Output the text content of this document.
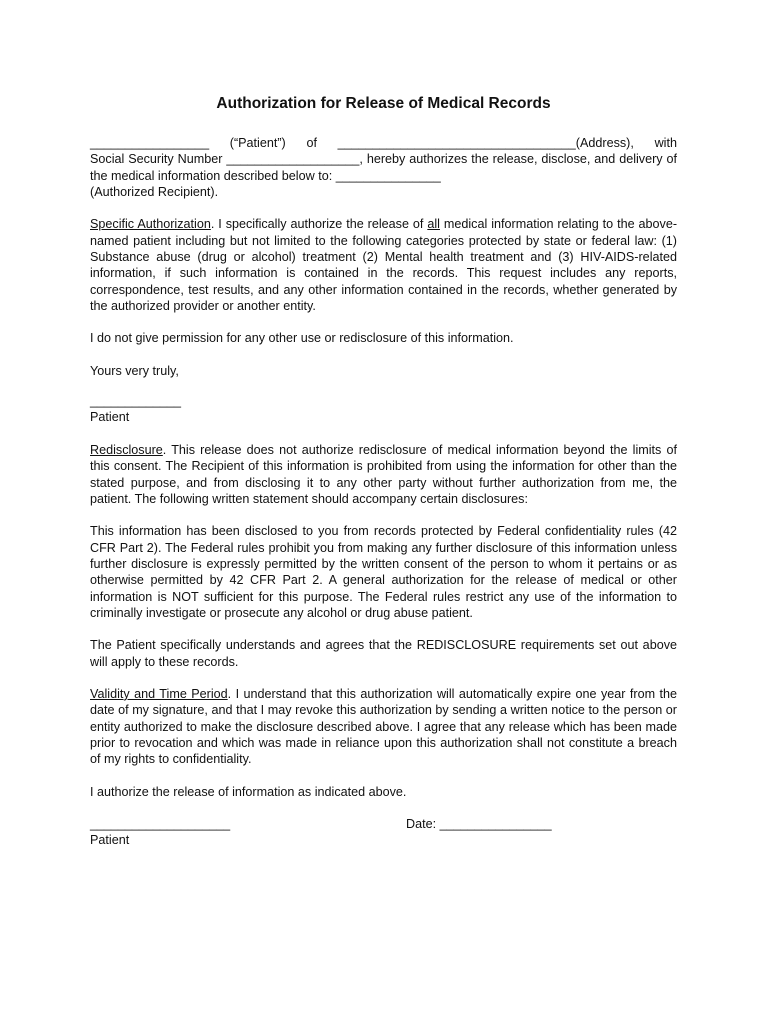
Authorization for Release of Medical Records
_________________ (“Patient”) of __________________________________(Address), with
Social Security Number ___________________, hereby authorizes the release, disclose, and delivery of the medical information described below to: _______________
(Authorized Recipient).
Specific Authorization. I specifically authorize the release of all medical information relating to the above-named patient including but not limited to the following categories protected by state or federal law: (1) Substance abuse (drug or alcohol) treatment (2) Mental health treatment and (3) HIV-AIDS-related information, if such information is contained in the records. This request includes any reports, correspondence, test results, and any other information contained in the records, whether generated by the authorized provider or another entity.
I do not give permission for any other use or redisclosure of this information.
Yours very truly,
_____________
Patient
Redisclosure. This release does not authorize redisclosure of medical information beyond the limits of this consent. The Recipient of this information is prohibited from using the information for other than the stated purpose, and from disclosing it to any other party without further authorization from me, the patient. The following written statement should accompany certain disclosures:
This information has been disclosed to you from records protected by Federal confidentiality rules (42 CFR Part 2). The Federal rules prohibit you from making any further disclosure of this information unless further disclosure is expressly permitted by the written consent of the person to whom it pertains or as otherwise permitted by 42 CFR Part 2. A general authorization for the release of medical or other information is NOT sufficient for this purpose. The Federal rules restrict any use of the information to criminally investigate or prosecute any alcohol or drug abuse patient.
The Patient specifically understands and agrees that the REDISCLOSURE requirements set out above will apply to these records.
Validity and Time Period. I understand that this authorization will automatically expire one year from the date of my signature, and that I may revoke this authorization by sending a written notice to the person or entity authorized to make the disclosure described above. I agree that any release which has been made prior to revocation and which was made in reliance upon this authorization shall not constitute a breach of my rights to confidentiality.
I authorize the release of information as indicated above.
____________________	Date: ________________
Patient
